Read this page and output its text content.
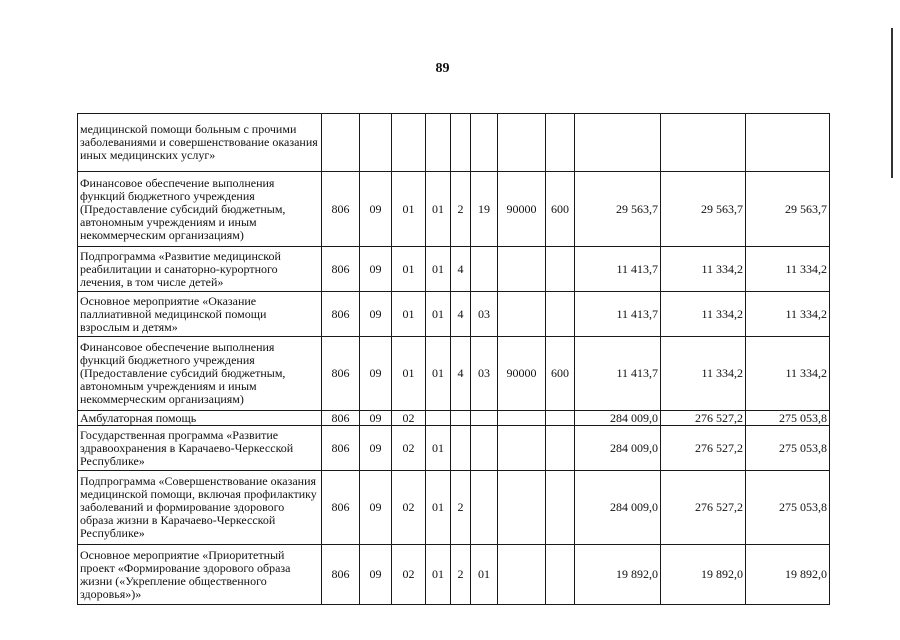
89
медицинской помощи больным с прочими заболеваниями и совершенствование оказания иных медицинских услуг»											
Финансовое обеспечение выполнения функций бюджетного учреждения (Предоставление субсидий бюджетным, автономным учреждениям и иным некоммерческим организациям)	806	09	01	01	2	19	90000	600	29 563,7	29 563,7	29 563,7
Подпрограмма «Развитие медицинской реабилитации и санаторно-курортного лечения, в том числе детей»	806	09	01	01	4				11 413,7	11 334,2	11 334,2
Основное мероприятие «Оказание паллиативной медицинской помощи взрослым и детям»	806	09	01	01	4	03			11 413,7	11 334,2	11 334,2
Финансовое обеспечение выполнения функций бюджетного учреждения (Предоставление субсидий бюджетным, автономным учреждениям и иным некоммерческим организациям)	806	09	01	01	4	03	90000	600	11 413,7	11 334,2	11 334,2
Амбулаторная помощь	806	09	02						284 009,0	276 527,2	275 053,8
Государственная программа «Развитие здравоохранения в Карачаево-Черкесской Республике»	806	09	02	01					284 009,0	276 527,2	275 053,8
Подпрограмма «Совершенствование оказания медицинской помощи, включая профилактику заболеваний и формирование здорового образа жизни в Карачаево-Черкесской Республике»	806	09	02	01	2				284 009,0	276 527,2	275 053,8
Основное мероприятие «Приоритетный проект «Формирование здорового образа жизни («Укрепление общественного здоровья»)»	806	09	02	01	2	01			19 892,0	19 892,0	19 892,0
